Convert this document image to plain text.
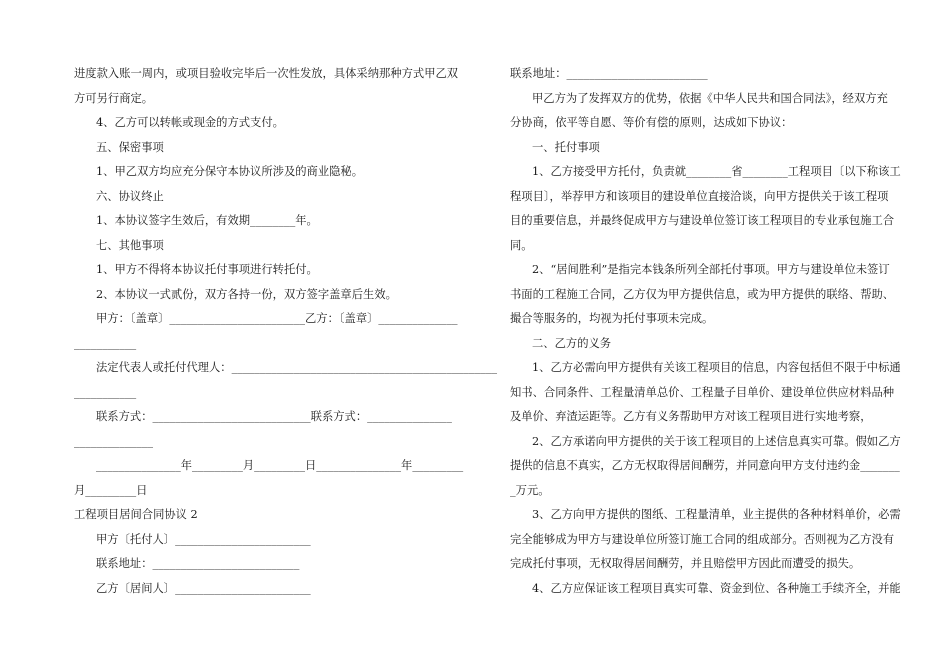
进度款入账一周内，或项目验收完毕后一次性发放，具体采纳那种方式甲乙双
方可另行商定。
4、乙方可以转帐或现金的方式支付。
五、保密事项
1、甲乙双方均应充分保守本协议所涉及的商业隐秘。
六、协议终止
1、本协议签字生效后，有效期________年。
七、其他事项
1、甲方不得将本协议托付事项进行转托付。
2、本协议一式贰份，双方各持一份，双方签字盖章后生效。
甲方：〔盖章〕________________________乙方：〔盖章〕______________
___________
法定代表人或托付代理人：_______________________________________________
___________
联系方式：____________________________联系方式：_______________
______________
_______________年_________月_________日_______________年_________
月_________日
工程项目居间合同协议 2
甲方〔托付人〕________________________
联系地址：__________________________
乙方〔居间人〕________________________
联系地址：_________________________
甲乙方为了发挥双方的优势，依据《中华人民共和国合同法》，经双方充
分协商，依平等自愿、等价有偿的原则，达成如下协议：
一、托付事项
1、乙方接受甲方托付，负责就________省________工程项目〔以下称该工
程项目〕，举荐甲方和该项目的建设单位直接洽谈，向甲方提供关于该工程项
目的重要信息，并最终促成甲方与建设单位签订该工程项目的专业承包施工合
同。
2、“居间胜利”是指完本钱条所列全部托付事项。甲方与建设单位未签订
书面的工程施工合同，乙方仅为甲方提供信息，或为甲方提供的联络、帮助、
撮合等服务的，均视为托付事项未完成。
二、乙方的义务
1、乙方必需向甲方提供有关该工程项目的信息，内容包括但不限于中标通
知书、合同条件、工程量清单总价、工程量子目单价、建设单位供应材料品种
及单价、弃渣运距等。乙方有义务帮助甲方对该工程项目进行实地考察，
2、乙方承诺向甲方提供的关于该工程项目的上述信息真实可靠。假如乙方
提供的信息不真实，乙方无权取得居间酬劳，并同意向甲方支付违约金_______
_万元。
3、乙方向甲方提供的图纸、工程量清单，业主提供的各种材料单价，必需
完全能够成为甲方与建设单位所签订施工合同的组成部分。否则视为乙方没有
完成托付事项，无权取得居间酬劳，并且赔偿甲方因此而遭受的损失。
4、乙方应保证该工程项目真实可靠、资金到位、各种施工手续齐全，并能
